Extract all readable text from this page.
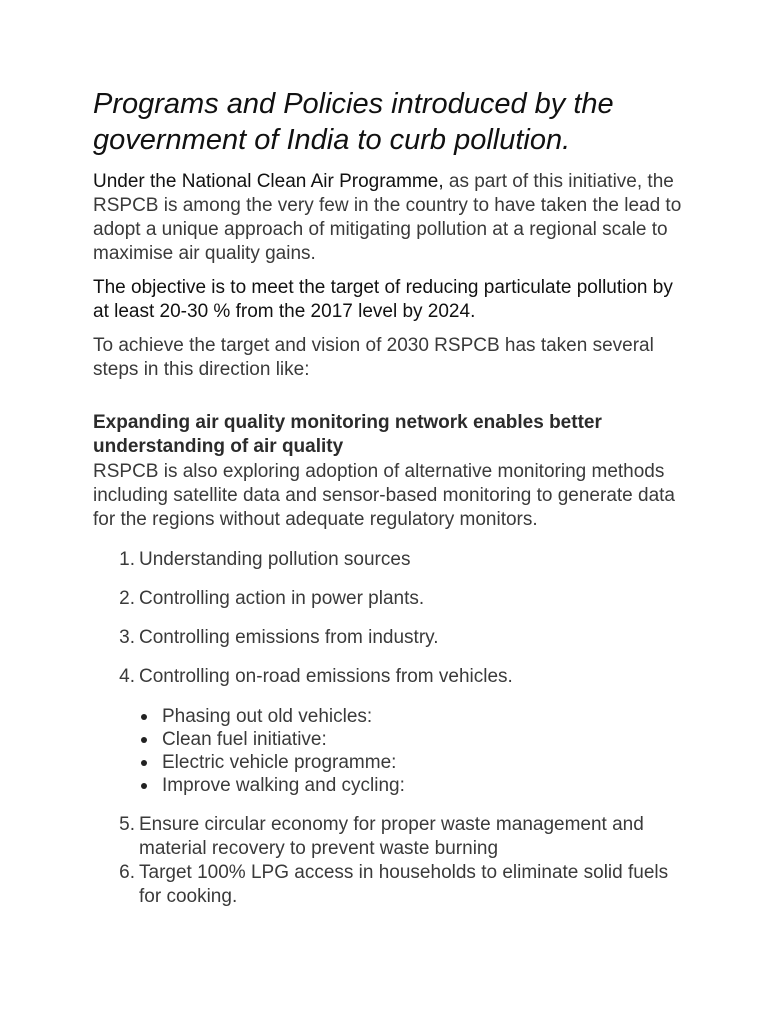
Programs and Policies introduced by the government of India to curb pollution.

Under the National Clean Air Programme, as part of this initiative, the RSPCB is among the very few in the country to have taken the lead to adopt a unique approach of mitigating pollution at a regional scale to maximise air quality gains.

The objective is to meet the target of reducing particulate pollution by at least 20-30 % from the 2017 level by 2024.

To achieve the target and vision of 2030 RSPCB has taken several steps in this direction like:

Expanding air quality monitoring network enables better understanding of air quality

RSPCB is also exploring adoption of alternative monitoring methods including satellite data and sensor-based monitoring to generate data for the regions without adequate regulatory monitors.

1. Understanding pollution sources
2. Controlling action in power plants.
3. Controlling emissions from industry.
4. Controlling on-road emissions from vehicles.
Phasing out old vehicles:
Clean fuel initiative:
Electric vehicle programme:
Improve walking and cycling:
5. Ensure circular economy for proper waste management and material recovery to prevent waste burning
6. Target 100% LPG access in households to eliminate solid fuels for cooking.
